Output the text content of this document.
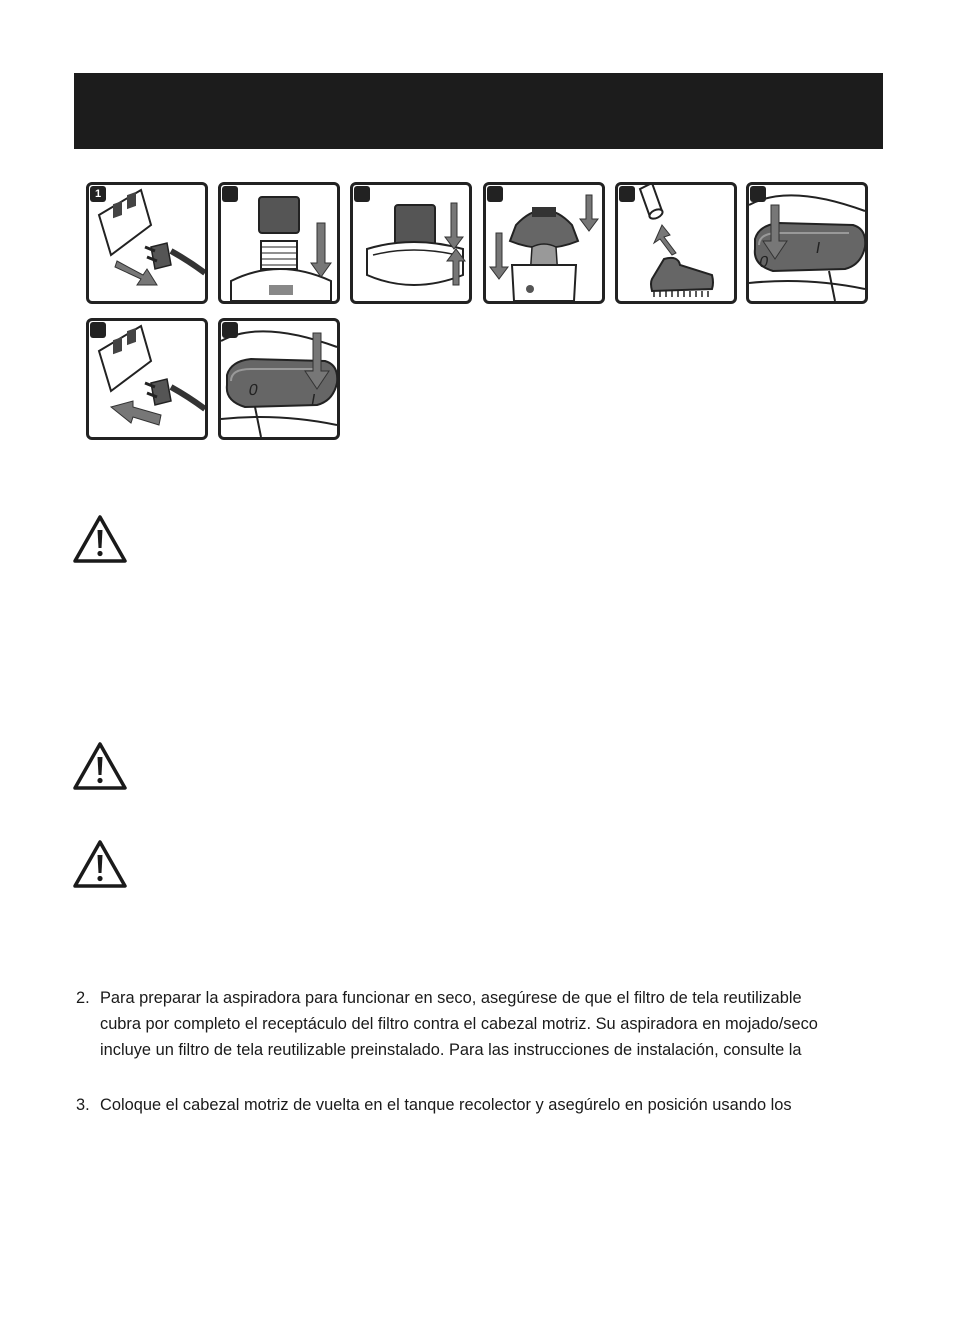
1
0
I
0
I
2. Para preparar la aspiradora para funcionar en seco, asegúrese de que el filtro de tela reutilizable
cubra por completo el receptáculo del filtro contra el cabezal motriz. Su aspiradora en mojado/seco
incluye un filtro de tela reutilizable preinstalado. Para las instrucciones de instalación, consulte la
3. Coloque el cabezal motriz de vuelta en el tanque recolector y asegúrelo en posición usando los
